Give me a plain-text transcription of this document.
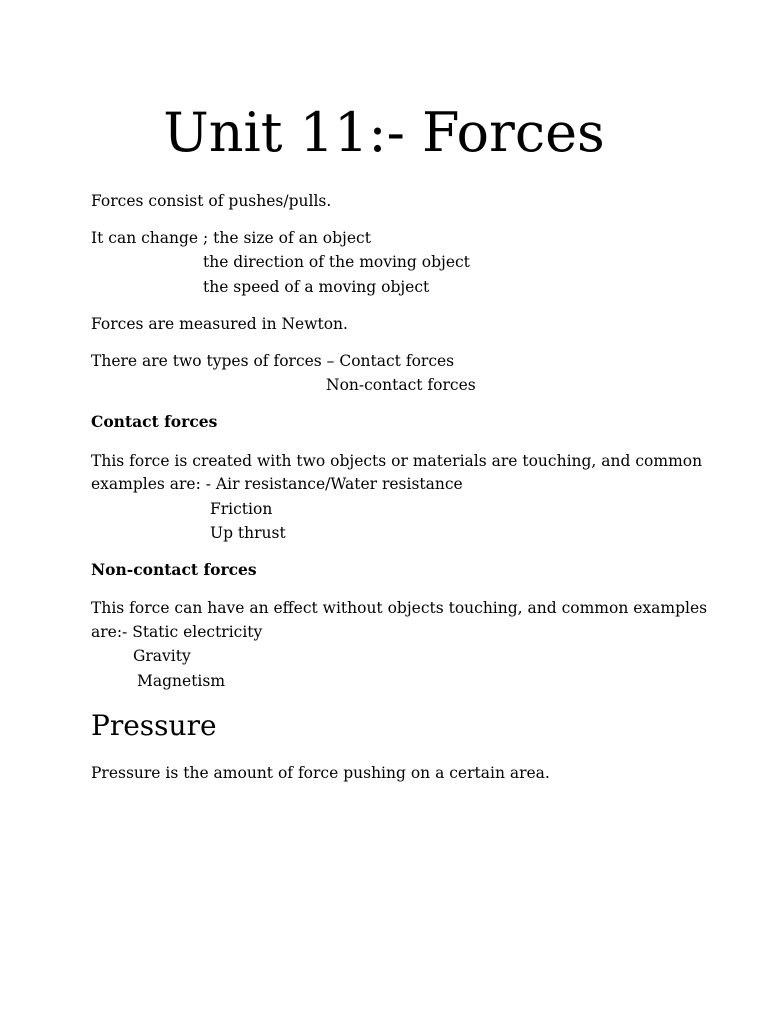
Unit 11:- Forces
Forces consist of pushes/pulls.
It can change ; the size of an object
the direction of the moving object
the speed of a moving object
Forces are measured in Newton.
There are two types of forces – Contact forces
Non-contact forces
Contact forces
This force is created with two objects or materials are touching, and common
examples are: - Air resistance/Water resistance
Friction
Up thrust
Non-contact forces
This force can have an effect without objects touching, and common examples
are:- Static electricity
Gravity
Magnetism
Pressure
Pressure is the amount of force pushing on a certain area.
